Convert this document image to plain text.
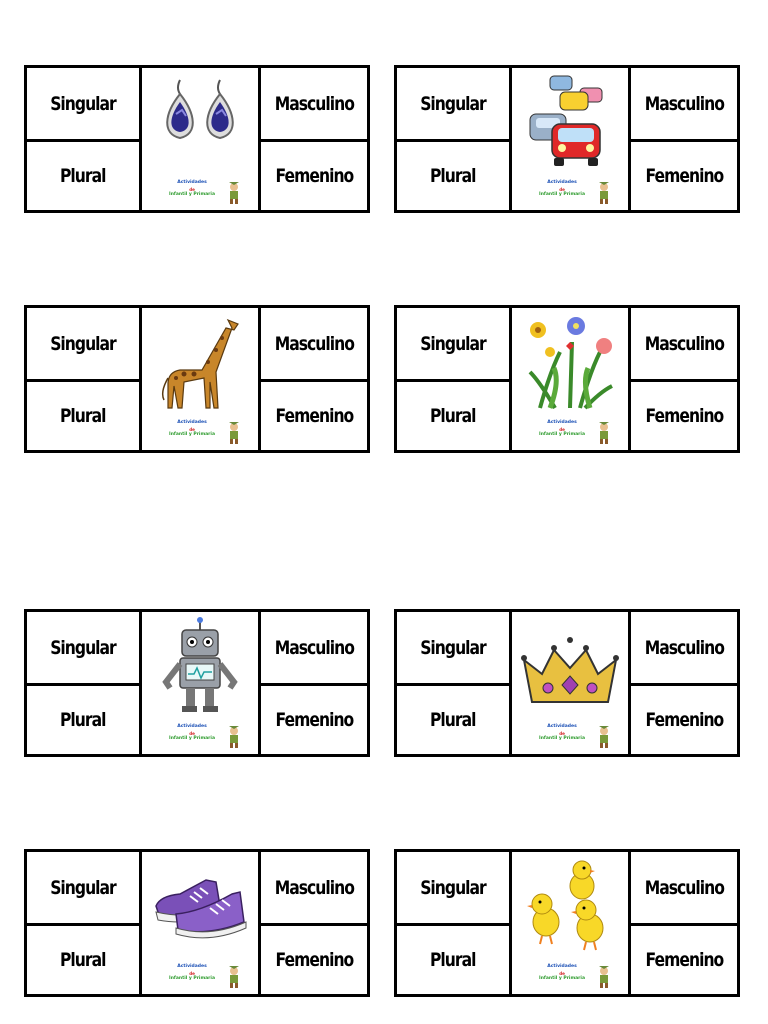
Singular
Plural	Actividades
de
Infantil y Primaria
Masculino
Femenino
Singular
Plural	Actividades
de
Infantil y Primaria
Masculino
Femenino
Singular
Plural	Actividades
de
Infantil y Primaria
Masculino
Femenino
Singular
Plural	Actividades
de
Infantil y Primaria
Masculino
Femenino
Singular
Plural	Actividades
de
Infantil y Primaria
Masculino
Femenino
Singular
Plural	Actividades
de
Infantil y Primaria
Masculino
Femenino
Singular
Plural	Actividades
de
Infantil y Primaria
Masculino
Femenino
Singular
Plural	Actividades
de
Infantil y Primaria
Masculino
Femenino
